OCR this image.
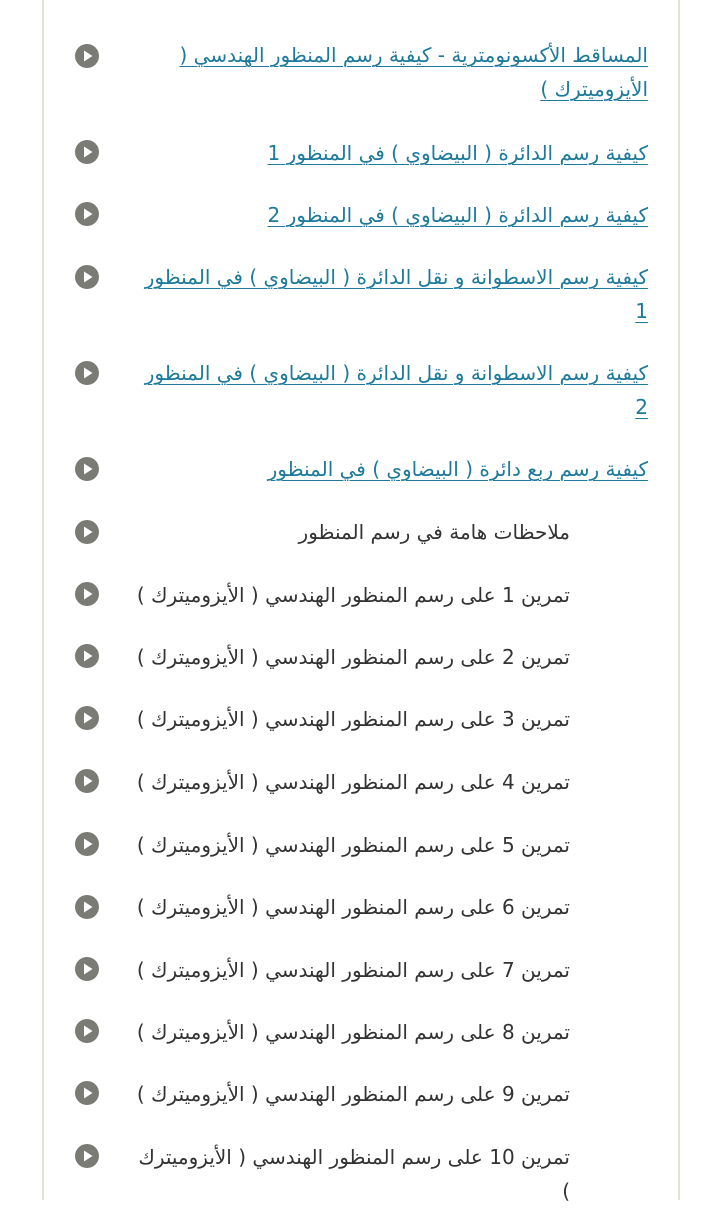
المساقط الأكسونومترية - كيفية رسم المنظور الهندسي ( الأيزوميترك )
كيفية رسم الدائرة ( البيضاوي ) في المنظور 1
كيفية رسم الدائرة ( البيضاوي ) في المنظور 2
كيفية رسم الاسطوانة و نقل الدائرة ( البيضاوي ) في المنظور 1
كيفية رسم الاسطوانة و نقل الدائرة ( البيضاوي ) في المنظور 2
كيفية رسم ربع دائرة ( البيضاوي ) في المنظور
ملاحظات هامة في رسم المنظور
تمرين 1 على رسم المنظور الهندسي ( الأيزوميترك )
تمرين 2 على رسم المنظور الهندسي ( الأيزوميترك )
تمرين 3 على رسم المنظور الهندسي ( الأيزوميترك )
تمرين 4 على رسم المنظور الهندسي ( الأيزوميترك )
تمرين 5 على رسم المنظور الهندسي ( الأيزوميترك )
تمرين 6 على رسم المنظور الهندسي ( الأيزوميترك )
تمرين 7 على رسم المنظور الهندسي ( الأيزوميترك )
تمرين 8 على رسم المنظور الهندسي ( الأيزوميترك )
تمرين 9 على رسم المنظور الهندسي ( الأيزوميترك )
تمرين 10 على رسم المنظور الهندسي ( الأيزوميترك )
